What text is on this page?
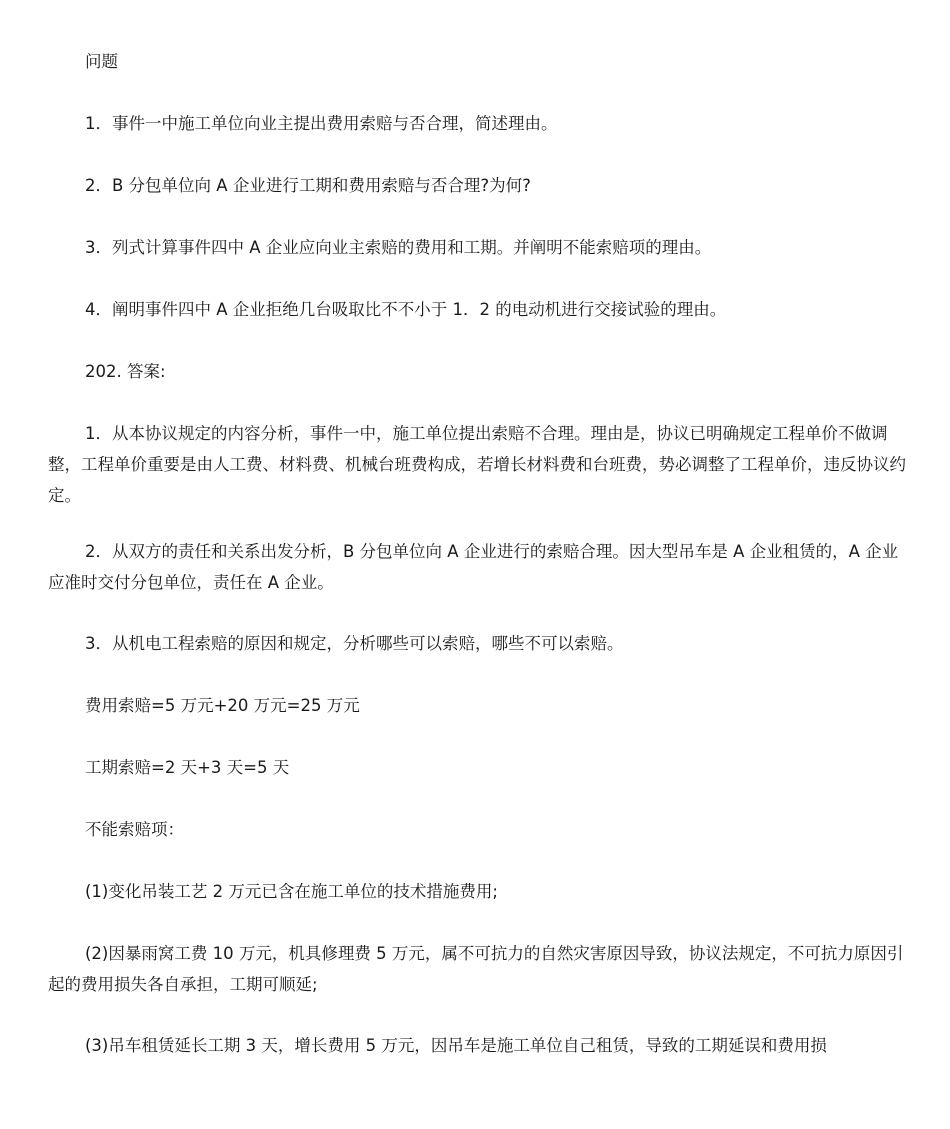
问题

1．事件一中施工单位向业主提出费用索赔与否合理，简述理由。

2．B 分包单位向 A 企业进行工期和费用索赔与否合理?为何?

3．列式计算事件四中 A 企业应向业主索赔的费用和工期。并阐明不能索赔项的理由。

4．阐明事件四中 A 企业拒绝几台吸取比不不小于 1．2 的电动机进行交接试验的理由。

202. 答案:

1．从本协议规定的内容分析，事件一中，施工单位提出索赔不合理。理由是，协议已明确规定工程单价不做调整，工程单价重要是由人工费、材料费、机械台班费构成，若增长材料费和台班费，势必调整了工程单价，违反协议约定。

2．从双方的责任和关系出发分析，B 分包单位向 A 企业进行的索赔合理。因大型吊车是 A 企业租赁的，A 企业应准时交付分包单位，责任在 A 企业。

3．从机电工程索赔的原因和规定，分析哪些可以索赔，哪些不可以索赔。

费用索赔=5 万元+20 万元=25 万元

工期索赔=2 天+3 天=5 天

不能索赔项：

(1)变化吊装工艺 2 万元已含在施工单位的技术措施费用;

(2)因暴雨窝工费 10 万元，机具修理费 5 万元，属不可抗力的自然灾害原因导致，协议法规定，不可抗力原因引起的费用损失各自承担，工期可顺延;

(3)吊车租赁延长工期 3 天，增长费用 5 万元，因吊车是施工单位自己租赁，导致的工期延误和费用损
